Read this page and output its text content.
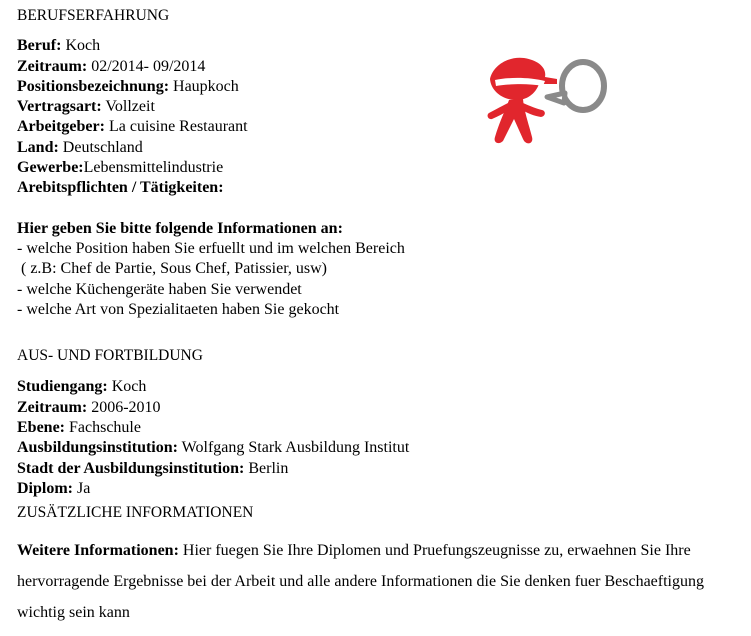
BERUFSERFAHRUNG
Beruf: Koch
Zeitraum: 02/2014- 09/2014
Positionsbezeichnung: Haupkoch
Vertragsart: Vollzeit
Arbeitgeber: La cuisine Restaurant
Land: Deutschland
Gewerbe:Lebensmittelindustrie
Arebitspflichten / Tätigkeiten:
Hier geben Sie bitte folgende Informationen an:
- welche Position haben Sie erfuellt und im welchen Bereich
( z.B: Chef de Partie, Sous Chef, Patissier, usw)
- welche Küchengeräte haben Sie verwendet
- welche Art von Spezialitaeten haben Sie gekocht
AUS- UND FORTBILDUNG
Studiengang: Koch
Zeitraum: 2006-2010
Ebene: Fachschule
Ausbildungsinstitution: Wolfgang Stark Ausbildung Institut
Stadt der Ausbildungsinstitution: Berlin
Diplom: Ja
ZUSÄTZLICHE INFORMATIONEN
Weitere Informationen: Hier fuegen Sie Ihre Diplomen und Pruefungszeugnisse zu, erwaehnen Sie Ihre hervorragende Ergebnisse bei der Arbeit und alle andere Informationen die Sie denken fuer Beschaeftigung wichtig sein kann
